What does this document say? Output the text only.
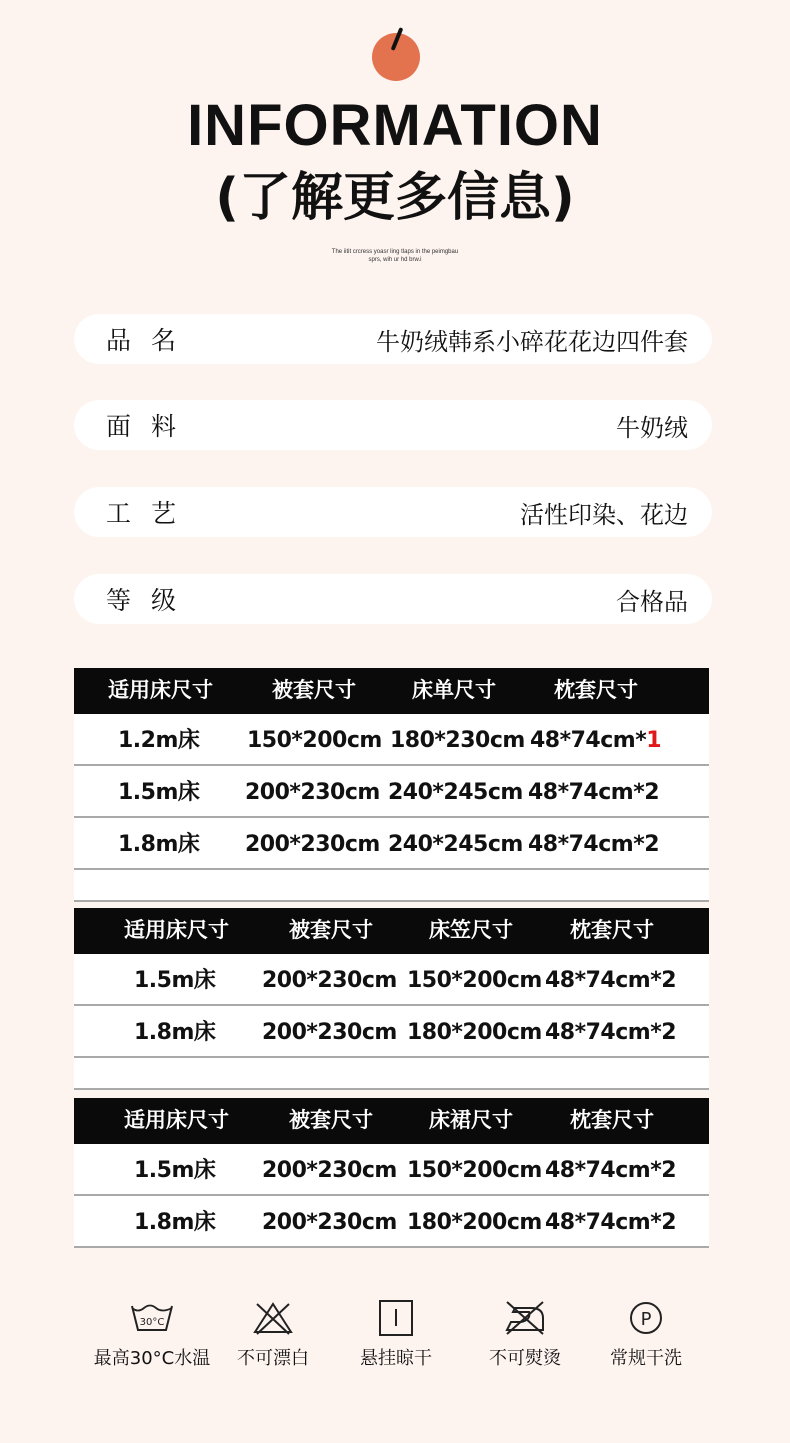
INFORMATION
(了解更多信息)
The iitit crcress yoasr ling tlaps in the peimgbau
sprs, wih ur hd brw.i
品名	牛奶绒韩系小碎花花边四件套
面料	牛奶绒
工艺	活性印染、花边
等级	合格品
适用床尺寸	被套尺寸	床单尺寸	枕套尺寸
1.2m床 150*200cm 180*230cm 48*74cm*1
1.5m床 200*230cm 240*245cm 48*74cm*2
1.8m床 200*230cm 240*245cm 48*74cm*2
适用床尺寸	被套尺寸	床笠尺寸	枕套尺寸
1.5m床 200*230cm 150*200cm 48*74cm*2
1.8m床 200*230cm 180*200cm 48*74cm*2
适用床尺寸	被套尺寸	床裙尺寸	枕套尺寸
1.5m床 200*230cm 150*200cm 48*74cm*2
1.8m床 200*230cm 180*200cm 48*74cm*2
30°C
最高30°C水温	不可漂白	悬挂晾干	不可熨烫
P
常规干洗
